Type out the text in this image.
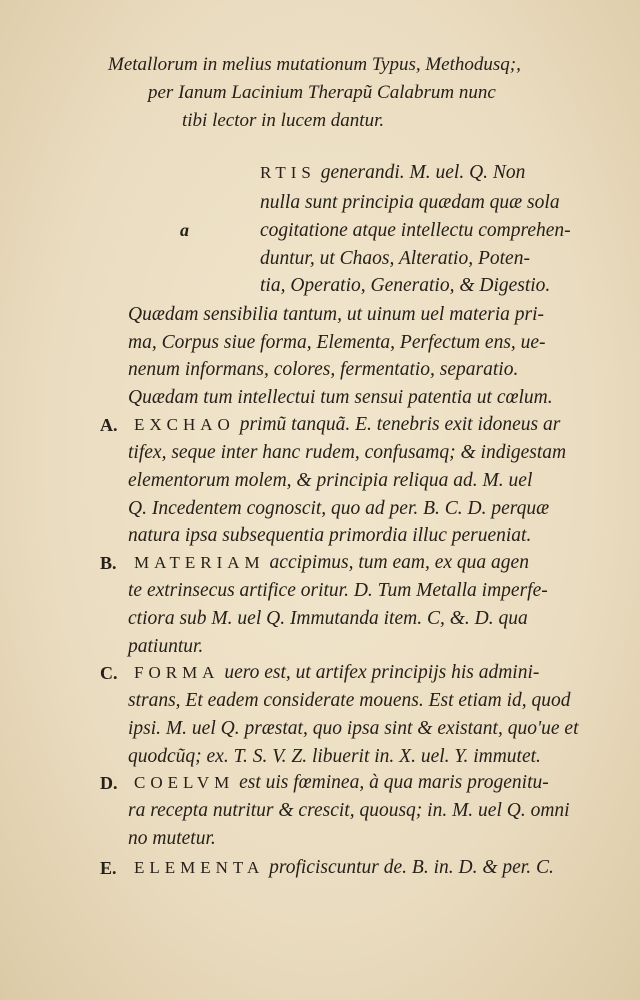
Metallorum in melius mutationum Typus, Methodusq;,
per Ianum Lacinium Therapũ Calabrum nunc
tibi lector in lucem dantur.
a
RTIS generandi. M. uel. Q. Non
nulla sunt principia quædam quæ sola
cogitatione atque intellectu comprehen-
duntur, ut Chaos, Alteratio, Poten-
tia, Operatio, Generatio, & Digestio.
Quædam sensibilia tantum, ut uinum uel materia pri-
ma, Corpus siue forma, Elementa, Perfectum ens, ue-
nenum informans, colores, fermentatio, separatio.
Quædam tum intellectui tum sensui patentia ut cœlum.
A. EXCHAO primũ tanquã. E. tenebris exit idoneus ar
tifex, seque inter hanc rudem, confusamq; & indigestam
elementorum molem, & principia reliqua ad. M. uel
Q. Incedentem cognoscit, quo ad per. B. C. D. perquæ
natura ipsa subsequentia primordia illuc perueniat.
B. MATERIAM accipimus, tum eam, ex qua agen
te extrinsecus artifice oritur. D. Tum Metalla imperfe-
ctiora sub M. uel Q. Immutanda item. C, &. D. qua
patiuntur.
C. FORMA uero est, ut artifex principijs his admini-
strans, Et eadem considerate mouens. Est etiam id, quod
ipsi. M. uel Q. præstat, quo ipsa sint & existant, quo'ue et
quodcũq; ex. T. S. V. Z. libuerit in. X. uel. Y. immutet.
D. COELVM est uis fœminea, à qua maris progenitu-
ra recepta nutritur & crescit, quousq; in. M. uel Q. omni
no mutetur.
E. ELEMENTA proficiscuntur de. B. in. D. & per. C.
